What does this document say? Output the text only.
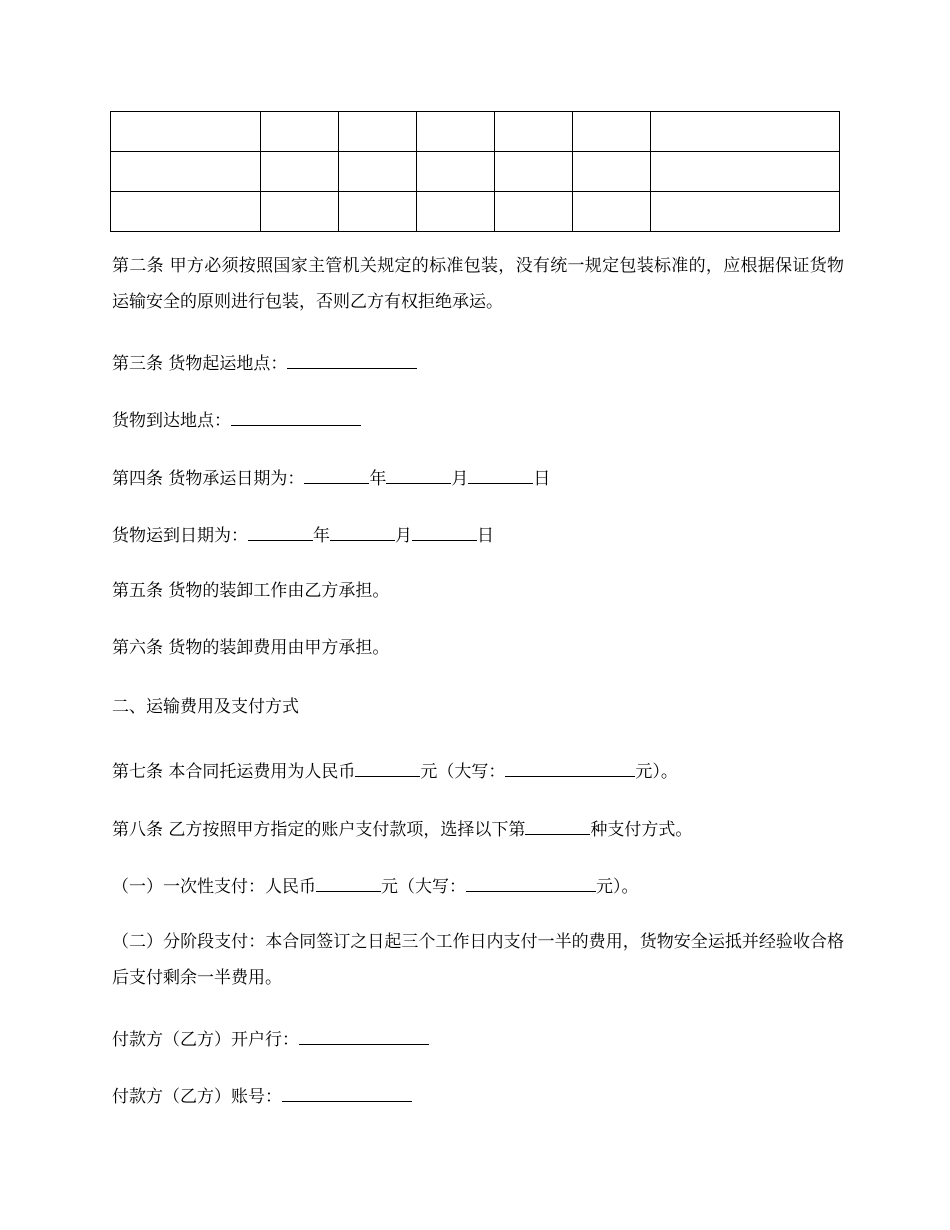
第二条 甲方必须按照国家主管机关规定的标准包装，没有统一规定包装标准的，应根据保证货物运输安全的原则进行包装，否则乙方有权拒绝承运。
第三条 货物起运地点：
货物到达地点：
第四条 货物承运日期为：	年	月	日
货物运到日期为：	年	月	日
第五条 货物的装卸工作由乙方承担。
第六条 货物的装卸费用由甲方承担。
二、运输费用及支付方式
第七条 本合同托运费用为人民币	元（大写：	元）。
第八条 乙方按照甲方指定的账户支付款项，选择以下第	种支付方式。
（一）一次性支付：人民币	元（大写：	元）。
（二）分阶段支付：本合同签订之日起三个工作日内支付一半的费用，货物安全运抵并经验收合格后支付剩余一半费用。
付款方（乙方）开户行：
付款方（乙方）账号：
